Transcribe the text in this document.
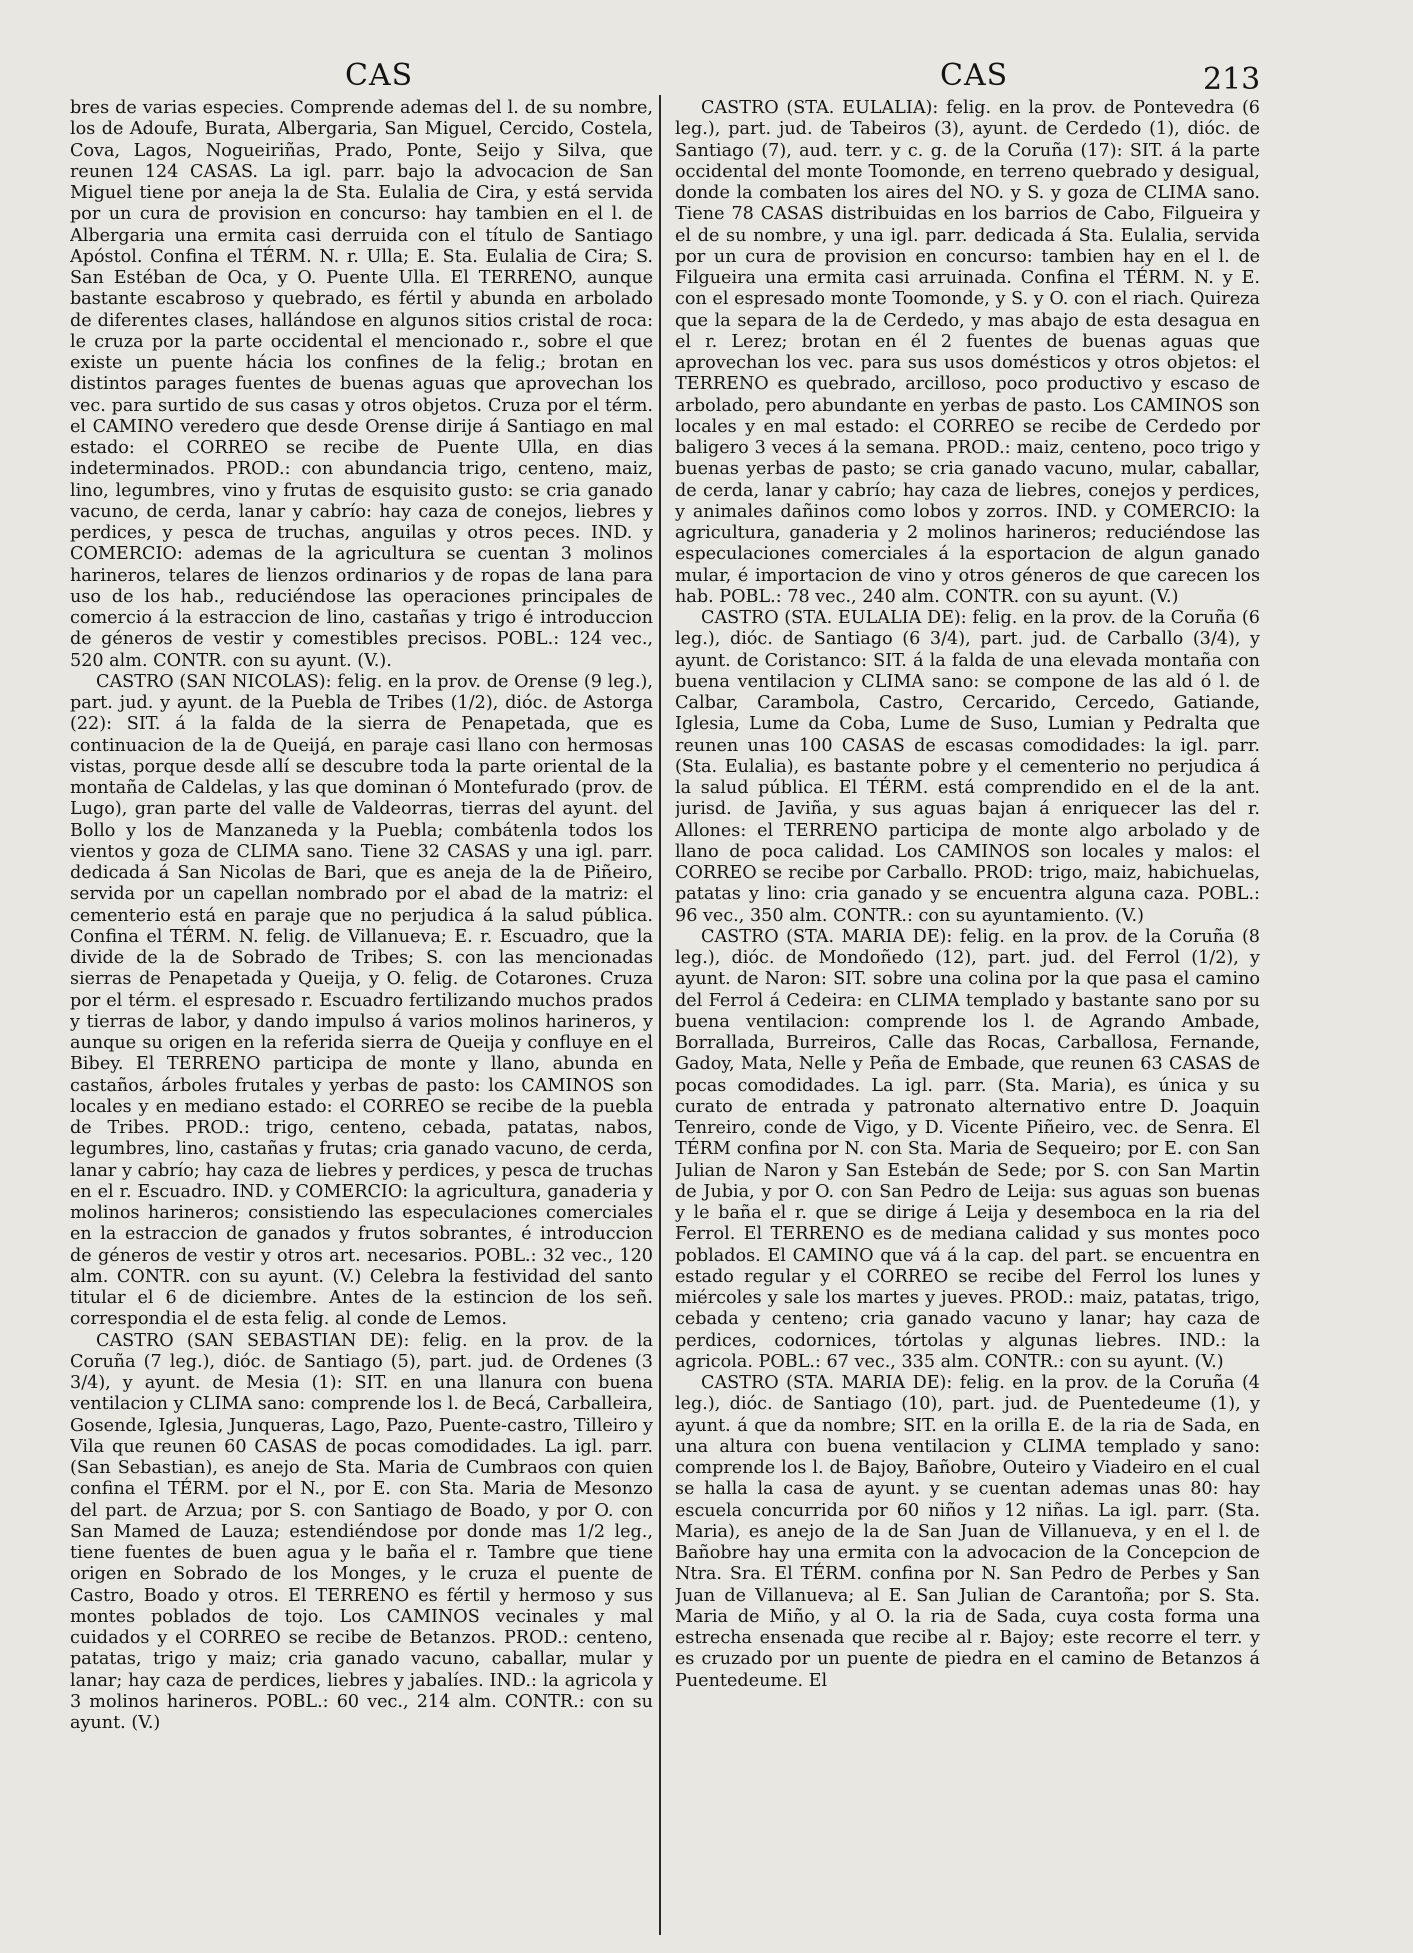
CAS	CAS	213

bres de varias especies. Comprende ademas del l. de su nombre, los de Adoufe, Burata, Albergaria, San Miguel, Cercido, Costela, Cova, Lagos, Nogueiriñas, Prado, Ponte, Seijo y Silva, que reunen 124 CASAS. La igl. parr. bajo la advocacion de San Miguel tiene por aneja la de Sta. Eulalia de Cira, y está servida por un cura de provision en concurso: hay tambien en el l. de Albergaria una ermita casi derruida con el título de Santiago Apóstol. Confina el TÉRM. N. r. Ulla; E. Sta. Eulalia de Cira; S. San Estéban de Oca, y O. Puente Ulla. El TERRENO, aunque bastante escabroso y quebrado, es fértil y abunda en arbolado de diferentes clases, hallándose en algunos sitios cristal de roca: le cruza por la parte occidental el mencionado r., sobre el que existe un puente hácia los confines de la felig.; brotan en distintos parages fuentes de buenas aguas que aprovechan los vec. para surtido de sus casas y otros objetos. Cruza por el térm. el CAMINO veredero que desde Orense dirije á Santiago en mal estado: el CORREO se recibe de Puente Ulla, en dias indeterminados. PROD.: con abundancia trigo, centeno, maiz, lino, legumbres, vino y frutas de esquisito gusto: se cria ganado vacuno, de cerda, lanar y cabrío: hay caza de conejos, liebres y perdices, y pesca de truchas, anguilas y otros peces. IND. y COMERCIO: ademas de la agricultura se cuentan 3 molinos harineros, telares de lienzos ordinarios y de ropas de lana para uso de los hab., reduciéndose las operaciones principales de comercio á la estraccion de lino, castañas y trigo é introduccion de géneros de vestir y comestibles precisos. POBL.: 124 vec., 520 alm. CONTR. con su ayunt. (V.).

CASTRO (SAN NICOLAS): felig. en la prov. de Orense (9 leg.), part. jud. y ayunt. de la Puebla de Tribes (1/2), dióc. de Astorga (22): SIT. á la falda de la sierra de Penapetada, que es continuacion de la de Queijá, en paraje casi llano con hermosas vistas, porque desde allí se descubre toda la parte oriental de la montaña de Caldelas, y las que dominan ó Montefurado (prov. de Lugo), gran parte del valle de Valdeorras, tierras del ayunt. del Bollo y los de Manzaneda y la Puebla; combátenla todos los vientos y goza de CLIMA sano. Tiene 32 CASAS y una igl. parr. dedicada á San Nicolas de Bari, que es aneja de la de Piñeiro, servida por un capellan nombrado por el abad de la matriz: el cementerio está en paraje que no perjudica á la salud pública. Confina el TÉRM. N. felig. de Villanueva; E. r. Escuadro, que la divide de la de Sobrado de Tribes; S. con las mencionadas sierras de Penapetada y Queija, y O. felig. de Cotarones. Cruza por el térm. el espresado r. Escuadro fertilizando muchos prados y tierras de labor, y dando impulso á varios molinos harineros, y aunque su origen en la referida sierra de Queija y confluye en el Bibey. El TERRENO participa de monte y llano, abunda en castaños, árboles frutales y yerbas de pasto: los CAMINOS son locales y en mediano estado: el CORREO se recibe de la puebla de Tribes. PROD.: trigo, centeno, cebada, patatas, nabos, legumbres, lino, castañas y frutas; cria ganado vacuno, de cerda, lanar y cabrío; hay caza de liebres y perdices, y pesca de truchas en el r. Escuadro. IND. y COMERCIO: la agricultura, ganaderia y molinos harineros; consistiendo las especulaciones comerciales en la estraccion de ganados y frutos sobrantes, é introduccion de géneros de vestir y otros art. necesarios. POBL.: 32 vec., 120 alm. CONTR. con su ayunt. (V.) Celebra la festividad del santo titular el 6 de diciembre. Antes de la estincion de los señ. correspondia el de esta felig. al conde de Lemos.

CASTRO (SAN SEBASTIAN DE): felig. en la prov. de la Coruña (7 leg.), dióc. de Santiago (5), part. jud. de Ordenes (3 3/4), y ayunt. de Mesia (1): SIT. en una llanura con buena ventilacion y CLIMA sano: comprende los l. de Becá, Carballeira, Gosende, Iglesia, Junqueras, Lago, Pazo, Puente-castro, Tilleiro y Vila que reunen 60 CASAS de pocas comodidades. La igl. parr. (San Sebastian), es anejo de Sta. Maria de Cumbraos con quien confina el TÉRM. por el N., por E. con Sta. Maria de Mesonzo del part. de Arzua; por S. con Santiago de Boado, y por O. con San Mamed de Lauza; estendiéndose por donde mas 1/2 leg., tiene fuentes de buen agua y le baña el r. Tambre que tiene origen en Sobrado de los Monges, y le cruza el puente de Castro, Boado y otros. El TERRENO es fértil y hermoso y sus montes poblados de tojo. Los CAMINOS vecinales y mal cuidados y el CORREO se recibe de Betanzos. PROD.: centeno, patatas, trigo y maiz; cria ganado vacuno, caballar, mular y lanar; hay caza de perdices, liebres y jabalíes. IND.: la agricola y 3 molinos harineros. POBL.: 60 vec., 214 alm. CONTR.: con su ayunt. (V.)

CASTRO (STA. EULALIA): felig. en la prov. de Pontevedra (6 leg.), part. jud. de Tabeiros (3), ayunt. de Cerdedo (1), dióc. de Santiago (7), aud. terr. y c. g. de la Coruña (17): SIT. á la parte occidental del monte Toomonde, en terreno quebrado y desigual, donde la combaten los aires del NO. y S. y goza de CLIMA sano. Tiene 78 CASAS distribuidas en los barrios de Cabo, Filgueira y el de su nombre, y una igl. parr. dedicada á Sta. Eulalia, servida por un cura de provision en concurso: tambien hay en el l. de Filgueira una ermita casi arruinada. Confina el TÉRM. N. y E. con el espresado monte Toomonde, y S. y O. con el riach. Quireza que la separa de la de Cerdedo, y mas abajo de esta desagua en el r. Lerez; brotan en él 2 fuentes de buenas aguas que aprovechan los vec. para sus usos domésticos y otros objetos: el TERRENO es quebrado, arcilloso, poco productivo y escaso de arbolado, pero abundante en yerbas de pasto. Los CAMINOS son locales y en mal estado: el CORREO se recibe de Cerdedo por baligero 3 veces á la semana. PROD.: maiz, centeno, poco trigo y buenas yerbas de pasto; se cria ganado vacuno, mular, caballar, de cerda, lanar y cabrío; hay caza de liebres, conejos y perdices, y animales dañinos como lobos y zorros. IND. y COMERCIO: la agricultura, ganaderia y 2 molinos harineros; reduciéndose las especulaciones comerciales á la esportacion de algun ganado mular, é importacion de vino y otros géneros de que carecen los hab. POBL.: 78 vec., 240 alm. CONTR. con su ayunt. (V.)

CASTRO (STA. EULALIA DE): felig. en la prov. de la Coruña (6 leg.), dióc. de Santiago (6 3/4), part. jud. de Carballo (3/4), y ayunt. de Coristanco: SIT. á la falda de una elevada montaña con buena ventilacion y CLIMA sano: se compone de las ald ó l. de Calbar, Carambola, Castro, Cercarido, Cercedo, Gatiande, Iglesia, Lume da Coba, Lume de Suso, Lumian y Pedralta que reunen unas 100 CASAS de escasas comodidades: la igl. parr. (Sta. Eulalia), es bastante pobre y el cementerio no perjudica á la salud pública. El TÉRM. está comprendido en el de la ant. jurisd. de Javiña, y sus aguas bajan á enriquecer las del r. Allones: el TERRENO participa de monte algo arbolado y de llano de poca calidad. Los CAMINOS son locales y malos: el CORREO se recibe por Carballo. PROD: trigo, maiz, habichuelas, patatas y lino: cria ganado y se encuentra alguna caza. POBL.: 96 vec., 350 alm. CONTR.: con su ayuntamiento. (V.)

CASTRO (STA. MARIA DE): felig. en la prov. de la Coruña (8 leg.), dióc. de Mondoñedo (12), part. jud. del Ferrol (1/2), y ayunt. de Naron: SIT. sobre una colina por la que pasa el camino del Ferrol á Cedeira: en CLIMA templado y bastante sano por su buena ventilacion: comprende los l. de Agrando Ambade, Borrallada, Burreiros, Calle das Rocas, Carballosa, Fernande, Gadoy, Mata, Nelle y Peña de Embade, que reunen 63 CASAS de pocas comodidades. La igl. parr. (Sta. Maria), es única y su curato de entrada y patronato alternativo entre D. Joaquin Tenreiro, conde de Vigo, y D. Vicente Piñeiro, vec. de Senra. El TÉRM confina por N. con Sta. Maria de Sequeiro; por E. con San Julian de Naron y San Estebán de Sede; por S. con San Martin de Jubia, y por O. con San Pedro de Leija: sus aguas son buenas y le baña el r. que se dirige á Leija y desemboca en la ria del Ferrol. El TERRENO es de mediana calidad y sus montes poco poblados. El CAMINO que vá á la cap. del part. se encuentra en estado regular y el CORREO se recibe del Ferrol los lunes y miércoles y sale los martes y jueves. PROD.: maiz, patatas, trigo, cebada y centeno; cria ganado vacuno y lanar; hay caza de perdices, codornices, tórtolas y algunas liebres. IND.: la agricola. POBL.: 67 vec., 335 alm. CONTR.: con su ayunt. (V.)

CASTRO (STA. MARIA DE): felig. en la prov. de la Coruña (4 leg.), dióc. de Santiago (10), part. jud. de Puentedeume (1), y ayunt. á que da nombre; SIT. en la orilla E. de la ria de Sada, en una altura con buena ventilacion y CLIMA templado y sano: comprende los l. de Bajoy, Bañobre, Outeiro y Viadeiro en el cual se halla la casa de ayunt. y se cuentan ademas unas 80: hay escuela concurrida por 60 niños y 12 niñas. La igl. parr. (Sta. Maria), es anejo de la de San Juan de Villanueva, y en el l. de Bañobre hay una ermita con la advocacion de la Concepcion de Ntra. Sra. El TÉRM. confina por N. San Pedro de Perbes y San Juan de Villanueva; al E. San Julian de Carantoña; por S. Sta. Maria de Miño, y al O. la ria de Sada, cuya costa forma una estrecha ensenada que recibe al r. Bajoy; este recorre el terr. y es cruzado por un puente de piedra en el camino de Betanzos á Puentedeume. El
